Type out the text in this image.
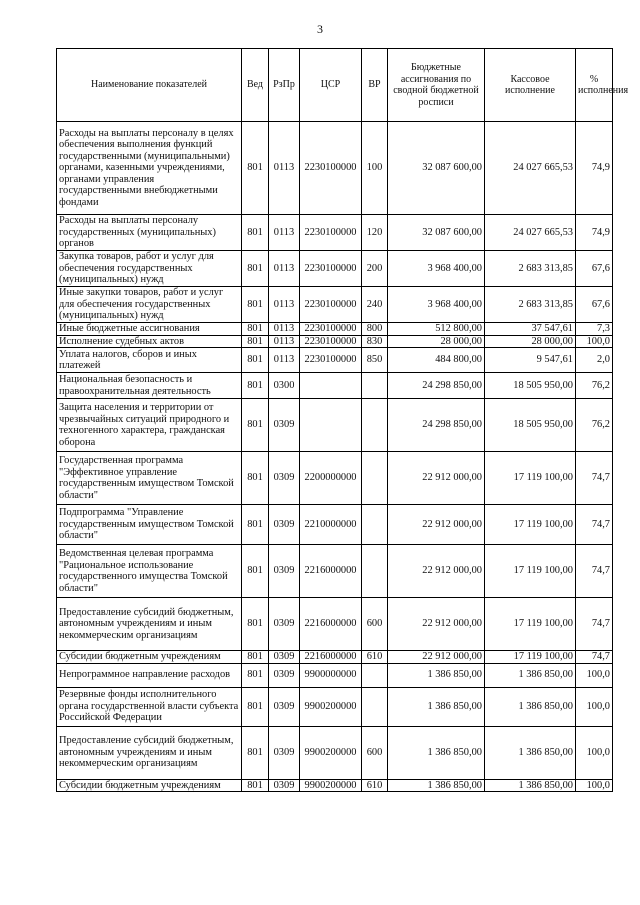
3
Наименование показателей	Вед	РзПр	ЦСР	ВР	Бюджетные ассигнования по сводной бюджетной росписи	Кассовое исполнение	% исполнения
Расходы на выплаты персоналу в целях обеспечения выполнения функций государственными (муниципальными) органами, казенными учреждениями, органами управления государственными внебюджетными фондами	801	0113	2230100000	100	32 087 600,00	24 027 665,53	74,9
Расходы на выплаты персоналу государственных (муниципальных) органов	801	0113	2230100000	120	32 087 600,00	24 027 665,53	74,9
Закупка товаров, работ и услуг для обеспечения государственных (муниципальных) нужд	801	0113	2230100000	200	3 968 400,00	2 683 313,85	67,6
Иные закупки товаров, работ и услуг для обеспечения государственных (муниципальных) нужд	801	0113	2230100000	240	3 968 400,00	2 683 313,85	67,6
Иные бюджетные ассигнования	801	0113	2230100000	800	512 800,00	37 547,61	7,3
Исполнение судебных актов	801	0113	2230100000	830	28 000,00	28 000,00	100,0
Уплата налогов, сборов и иных платежей	801	0113	2230100000	850	484 800,00	9 547,61	2,0
Национальная безопасность и правоохранительная деятельность	801	0300			24 298 850,00	18 505 950,00	76,2
Защита населения и территории от чрезвычайных ситуаций природного и техногенного характера, гражданская оборона	801	0309			24 298 850,00	18 505 950,00	76,2
Государственная программа "Эффективное управление государственным имуществом Томской области"	801	0309	2200000000		22 912 000,00	17 119 100,00	74,7
Подпрограмма "Управление государственным имуществом Томской области"	801	0309	2210000000		22 912 000,00	17 119 100,00	74,7
Ведомственная целевая программа "Рациональное использование государственного имущества Томской области"	801	0309	2216000000		22 912 000,00	17 119 100,00	74,7
Предоставление субсидий бюджетным, автономным учреждениям и иным некоммерческим организациям	801	0309	2216000000	600	22 912 000,00	17 119 100,00	74,7
Субсидии бюджетным учреждениям	801	0309	2216000000	610	22 912 000,00	17 119 100,00	74,7
Непрограммное направление расходов	801	0309	9900000000		1 386 850,00	1 386 850,00	100,0
Резервные фонды исполнительного органа государственной власти субъекта Российской Федерации	801	0309	9900200000		1 386 850,00	1 386 850,00	100,0
Предоставление субсидий бюджетным, автономным учреждениям и иным некоммерческим организациям	801	0309	9900200000	600	1 386 850,00	1 386 850,00	100,0
Субсидии бюджетным учреждениям	801	0309	9900200000	610	1 386 850,00	1 386 850,00	100,0
